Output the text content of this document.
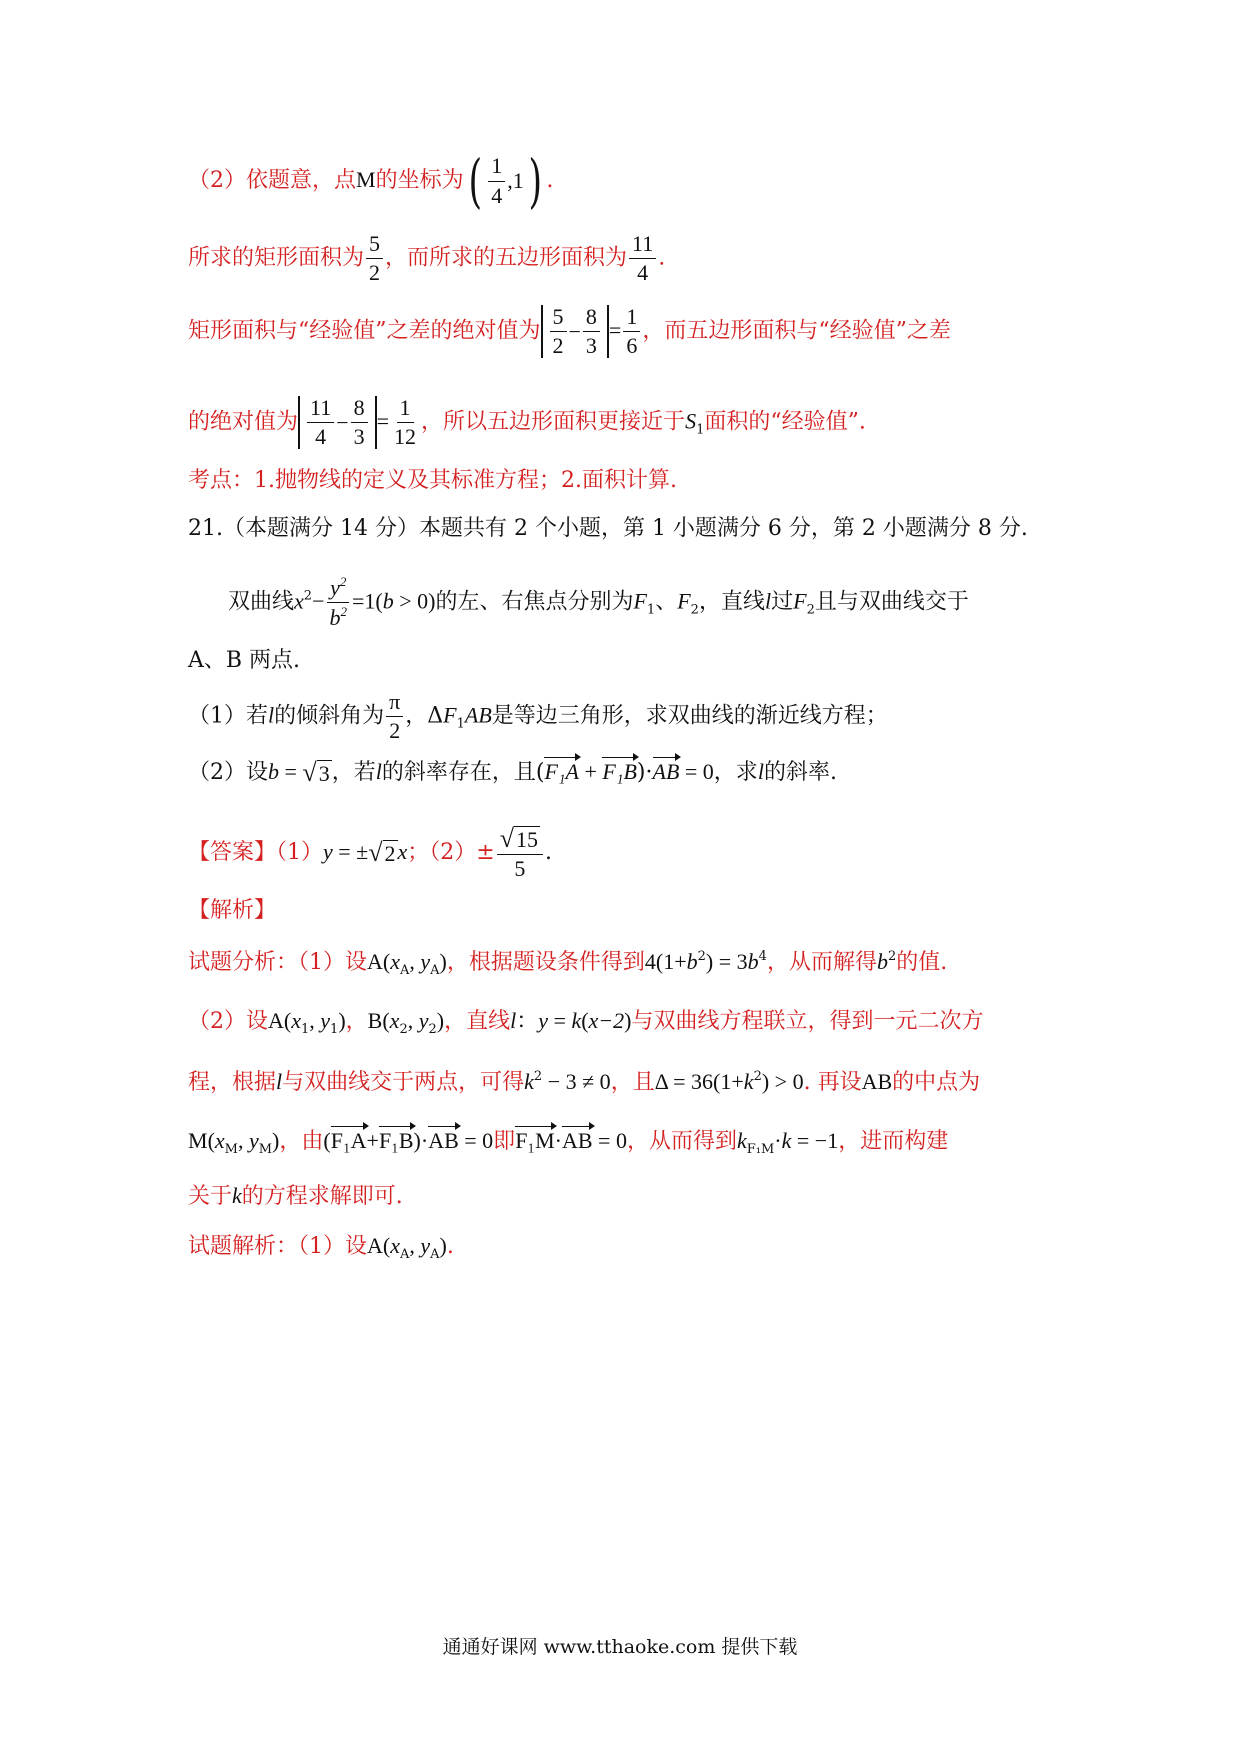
（2）依题意，点M的坐标为 ( $\frac{1}{4} ,1$ ) .
所求的矩形面积为 $\frac{5}{2}$ ，而所求的五边形面积为 $\frac{11}{4}$ .
矩形面积与“经验值”之差的绝对值为 $\frac{5}{2} - \frac{8}{3} = \frac{1}{6}$ ，而五边形面积与“经验值”之差
的绝对值为 $\frac{11}{4} - \frac{8}{3} = \frac{1}{12}$ ，所以五边形面积更接近于$S_1$面积的“经验值”.
考点：1.抛物线的定义及其标准方程；2.面积计算.
21.（本题满分 14 分）本题共有 2 个小题，第 1 小题满分 6 分，第 2 小题满分 8 分.
双曲线$x^2- \frac{y^2}{b^2} =1(b > 0)$的左、右焦点分别为$F_1$、$F_2$，直线l过$F_2$且与双曲线交于
A、B 两点.
（1）若l的倾斜角为 $\frac{\pi}{2}$ ，$\Delta F_1AB$是等边三角形，求双曲线的渐近线方程；
（2）设b = √ 3 ，若l的斜率存在，且(F₁A + F₁B)·AB = 0，求l的斜率.
【答案】（1）y = ± √ 2 x；$(2)\pm \frac{√ 15}{5}$ .
【解析】
试题分析：（1）设$A(x_A$, $y_A$)，根据题设条件得到$4(1+b^2) = 3b^4$，从而解得$b^2$的值.
（2）设$A(x_1$, $y_1$)，$B(x_2$, $y_2$)，直线l：y = k(x−2)与双曲线方程联立，得到一元二次方
程，根据l与双曲线交于两点，可得$k^2 - 3 \ne 0$，且$\Delta = 36(1+k^2) > 0$. 再设AB的中点为
$M(x_M$, $y_M$)，由(F₁A+F₁B)·AB = 0即F₁M·AB = 0，从而得到$k_{F_1M}\cdot k = -1$，进而构建
关于k的方程求解即可.
试题解析：（1）设$A(x_A$, $y_A$).
通通好课网 www.tthaoke.com 提供下载
